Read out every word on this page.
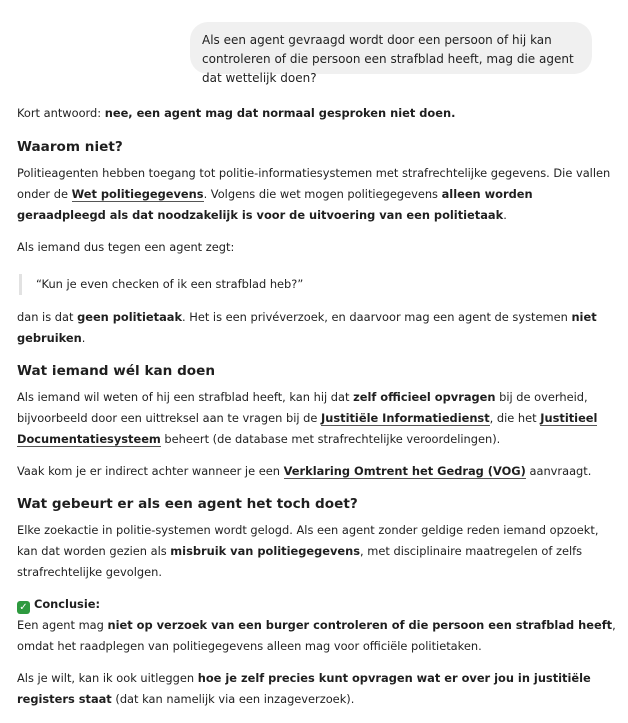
Als een agent gevraagd wordt door een persoon of hij kan controleren of die persoon een strafblad heeft, mag die agent dat wettelijk doen?

Kort antwoord: nee, een agent mag dat normaal gesproken niet doen.

Waarom niet?

Politieagenten hebben toegang tot politie-informatiesystemen met strafrechtelijke gegevens. Die vallen onder de Wet politiegegevens. Volgens die wet mogen politiegegevens alleen worden geraadpleegd als dat noodzakelijk is voor de uitvoering van een politietaak.

Als iemand dus tegen een agent zegt:

“Kun je even checken of ik een strafblad heb?”

dan is dat geen politietaak. Het is een privéverzoek, en daarvoor mag een agent de systemen niet gebruiken.

Wat iemand wél kan doen

Als iemand wil weten of hij een strafblad heeft, kan hij dat zelf officieel opvragen bij de overheid, bijvoorbeeld door een uittreksel aan te vragen bij de Justitiële Informatiedienst, die het Justitieel Documentatiesysteem beheert (de database met strafrechtelijke veroordelingen).

Vaak kom je er indirect achter wanneer je een Verklaring Omtrent het Gedrag (VOG) aanvraagt.

Wat gebeurt er als een agent het toch doet?

Elke zoekactie in politie-systemen wordt gelogd. Als een agent zonder geldige reden iemand opzoekt, kan dat worden gezien als misbruik van politiegegevens, met disciplinaire maatregelen of zelfs strafrechtelijke gevolgen.

✓ Conclusie:

Een agent mag niet op verzoek van een burger controleren of die persoon een strafblad heeft, omdat het raadplegen van politiegegevens alleen mag voor officiële politietaken.

Als je wilt, kan ik ook uitleggen hoe je zelf precies kunt opvragen wat er over jou in justitiële registers staat (dat kan namelijk via een inzageverzoek).
